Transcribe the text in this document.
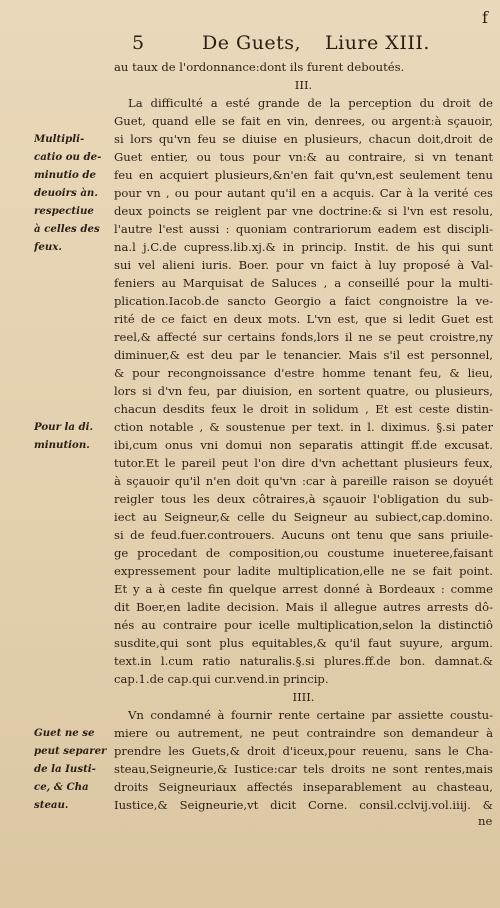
5	De Guets, Liure XIII.
f
au taux de l'ordonnance:dont ils furent deboutés.
III.
La difficulté a esté grande de la perception du droit de
Guet, quand elle se fait en vin, denrees, ou argent:à sçauoir,
si lors qu'vn feu se diuise en plusieurs, chacun doit,droit de
Guet entier, ou tous pour vn:& au contraire, si vn tenant
feu en acquiert plusieurs,&n'en fait qu'vn,est seulement tenu
pour vn , ou pour autant qu'il en a acquis. Car à la verité ces
deux poincts se reiglent par vne doctrine:& si l'vn est resolu,
l'autre l'est aussi : quoniam contrariorum eadem est discipli-
na.l j.C.de cupress.lib.xj.& in princip. Instit. de his qui sunt
sui vel alieni iuris. Boer. pour vn faict à luy proposé à Val-
feniers au Marquisat de Saluces , a conseillé pour la multi-
plication.Iacob.de sancto Georgio a faict congnoistre la ve-
rité de ce faict en deux mots. L'vn est, que si ledit Guet est
reel,& affecté sur certains fonds,lors il ne se peut croistre,ny
diminuer,& est deu par le tenancier. Mais s'il est personnel,
& pour recongnoissance d'estre homme tenant feu, & lieu,
lors si d'vn feu, par diuision, en sortent quatre, ou plusieurs,
chacun desdits feux le droit in solidum , Et est ceste distin-
ction notable , & soustenue per text. in l. diximus. §.si pater
ibi,cum onus vni domui non separatis attingit ff.de excusat.
tutor.Et le pareil peut l'on dire d'vn achettant plusieurs feux,
à sçauoir qu'il n'en doit qu'vn :car à pareille raison se doyuét
reigler tous les deux côtraires,à sçauoir l'obligation du sub-
iect au Seigneur,& celle du Seigneur au subiect,cap.domino.
si de feud.fuer.controuers. Aucuns ont tenu que sans priuile-
ge procedant de composition,ou coustume inueteree,faisant
expressement pour ladite multiplication,elle ne se fait point.
Et y a à ceste fin quelque arrest donné à Bordeaux : comme
dit Boer,en ladite decision. Mais il allegue autres arrests dô-
nés au contraire pour icelle multiplication,selon la distinctiô
susdite,qui sont plus equitables,& qu'il faut suyure, argum.
text.in l.cum ratio naturalis.§.si plures.ff.de bon. damnat.&
cap.1.de cap.qui cur.vend.in princip.
IIII.
Vn condamné à fournir rente certaine par assiette coustu-
miere ou autrement, ne peut contraindre son demandeur à
prendre les Guets,& droit d'iceux,pour reuenu, sans le Cha-
steau,Seigneurie,& Iustice:car tels droits ne sont rentes,mais
droits Seigneuriaux affectés inseparablement au chasteau,
Iustice,& Seigneurie,vt dicit Corne. consil.cclvij.vol.iiij. &
ne
Multipli-
catio ou de-
minutio de
deuoirs àn.
respectiue
à celles des
feux.
Pour la di.
minution.
Guet ne se
peut separer
de la Iusti-
ce, & Cha
steau.
